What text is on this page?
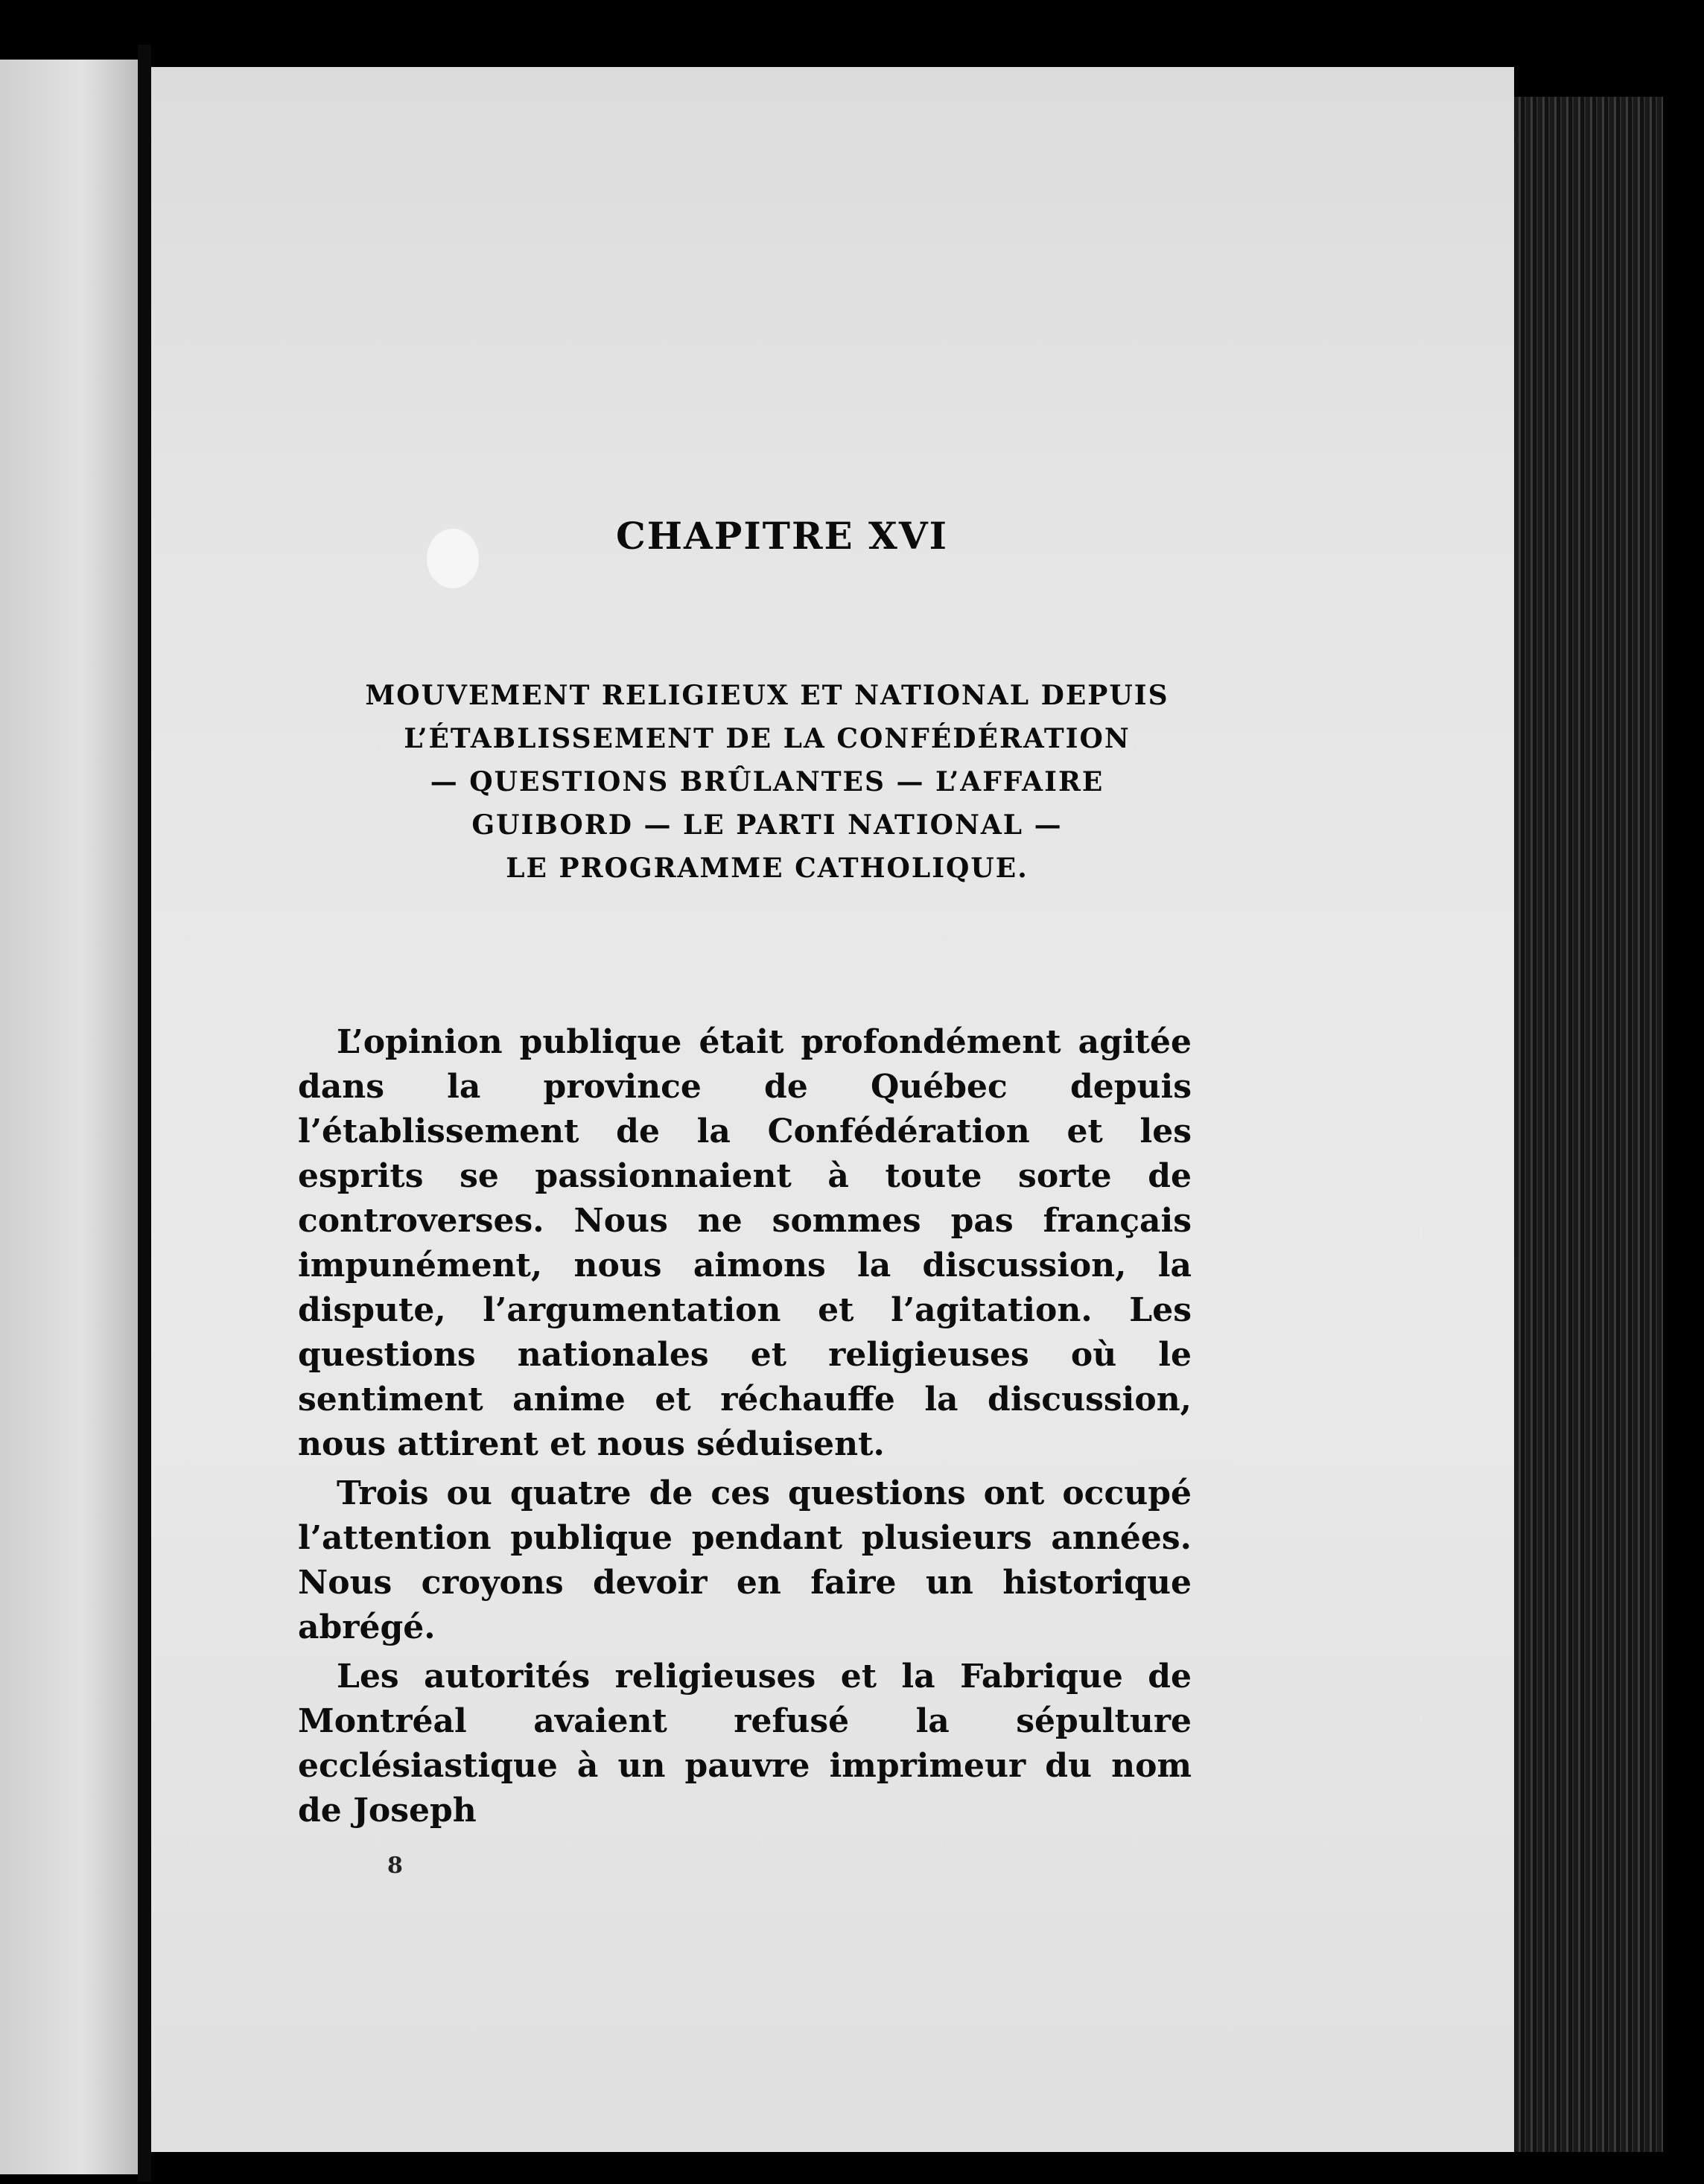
CHAPITRE XVI
MOUVEMENT RELIGIEUX ET NATIONAL DEPUIS
L’ÉTABLISSEMENT DE LA CONFÉDÉRATION
— QUESTIONS BRÛLANTES — L’AFFAIRE
GUIBORD — LE PARTI NATIONAL —
LE PROGRAMME CATHOLIQUE.

L’opinion publique était profondément agitée dans la province de Québec depuis l’établissement de la Confédération et les esprits se passionnaient à toute sorte de controverses. Nous ne sommes pas français impunément, nous aimons la discussion, la dispute, l’argumentation et l’agitation. Les questions nationales et religieuses où le sentiment anime et réchauffe la discussion, nous attirent et nous séduisent.

Trois ou quatre de ces questions ont occupé l’attention publique pendant plusieurs années. Nous croyons devoir en faire un historique abrégé.

Les autorités religieuses et la Fabrique de Montréal avaient refusé la sépulture ecclésiastique à un pauvre imprimeur du nom de Joseph

8
